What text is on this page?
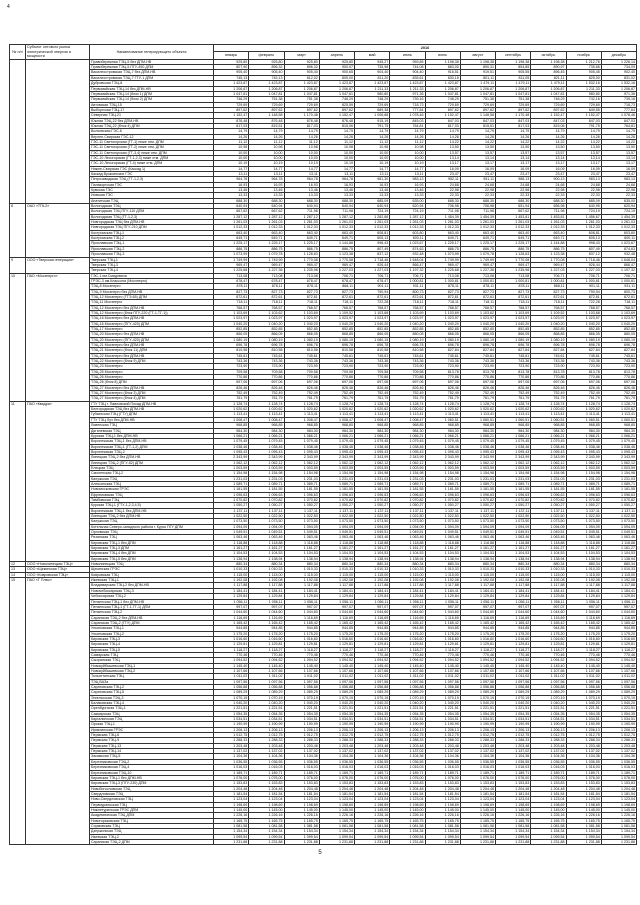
4
№ п/п	Субъект оптового рынка электрической энергии и мощности	Наименование генерирующего объекта	2016											
			январь	февраль	март	апрель	май	июнь	июль	август	сентябрь	октябрь	ноябрь	декабрь
		Правобережная ТЭЦ-5 без ДПМ-НВ	925,80	925,80	925,80	925,80	945,27	959,85	1 198,38	1 198,38	1 198,38	1 198,38	1 212,76	1 226,14
		Правобережная ТЭЦ-5 ПГУ-450 ДПМ	807,90	896,32	896,32	900,97	735,98	744,08	883,00	890,31	854,85	890,97	735,66	734,09
		Василеостровская ТЭЦ-7 без ДПМ-НВ	905,40	905,40	905,40	900,65	904,40	904,40	916,51	919,51	905,55	896,45	905,45	902,40
		Василеостровская ТЭЦ-7 ГТУ-1 ДПМ	745,13	745,13	812,02	805,00	811,20	835,61	830,15	801,11	811,05	821,11	825,00	831,02
		Дубровская ТЭЦ-8	1 423,87	1 423,87	1 423,87	1 423,87	1 423,87	1 423,87	1 423,87	1 479,11	1 479,11	1 479,11	1 532,16	1 532,16
		Первомайская ТЭЦ-14 без ДПМ-НВ	1 206,87	1 206,87	1 206,87	1 206,87	1 211,33	1 211,33	1 206,87	1 206,87	1 206,87	1 206,87	1 211,33	1 206,87
		Первомайская ТЭЦ-14 (блок 1) ДПМ	1 047,81	1 047,81	1 047,81	1 047,81	980,80	971,36	1 047,81	1 047,81	1 047,81	1 047,81	980,80	971,36
		Первомайская ТЭЦ-14 (блок 2) ДПМ	748,29	751,38	751,38	748,29	748,29	739,16	748,29	751,38	751,38	748,29	742,16	739,16
		Автовская ТЭЦ-15	729,69	729,69	729,69	825,59	729,69	718,73	729,69	729,69	729,69	729,69	729,69	718,73
		Выборгская ТЭЦ-17	897,62	897,62	897,62	897,62	689,38	777,64	897,62	897,62	897,62	897,62	849,55	777,64
		Северная ТЭЦ-21	1 152,47	1 148,58	1 170,48	1 152,47	1 006,88	1 078,46	1 152,47	1 148,58	1 170,48	1 152,47	1 152,47	1 078,46
		Южная ТЭЦ-22 без ДПМ-НВ	876,48	876,48	876,48	876,48	915,19	845,03	847,03	847,03	847,03	847,03	847,03	847,03
		Южная ТЭЦ-22 (блок 4) ДПМ	817,03	815,51	817,03	815,06	791,75	764,81	817,03	815,51	817,03	815,06	791,75	764,81
		Волховская ГЭС-6	14,79	14,79	14,79	14,79	14,79	14,79	14,79	14,79	14,79	14,79	14,79	14,79
		Верхне-Свирская ГЭС-12	14,26	14,26	14,26	14,26	14,26	14,26	14,26	14,26	14,26	14,26	14,26	14,26
		ГЭС-11 Светогорская (ГТ-1) ниже отм. ДПМ	11,12	11,12	11,12	11,12	11,12	11,12	14,22	14,22	14,22	14,22	14,22	14,22
		ГЭС-11 Светогорская (ГТ-2) ниже отм. ДПМ	10,98	10,98	10,98	10,98	10,98	10,98	13,50	13,50	13,50	13,50	13,50	13,50
		ГЭС-11 Светогорская (ГТ-3,4) ниже отм. ДПМ	10,00	10,00	10,00	10,00	10,00	10,00	13,57	13,57	13,57	13,57	13,57	13,57
		ГЭС-10 Лесогорская (ГТ-1,2,3) ниже отм. ДПМ	10,00	10,00	10,00	10,00	10,00	10,00	13,14	13,14	13,14	13,14	13,14	13,14
		ГЭС-10 Лесогорская (ГТ-4) ниже отм. ДПМ	10,19	10,19	10,19	10,19	10,19	10,19	13,17	13,17	13,17	13,17	13,17	13,17
		Нижне-Свирская ГЭС (Каскад 1)	14,77	14,77	14,77	14,77	14,77	14,77	16,09	16,09	16,09	16,09	16,09	16,09
		Каскад Вуоксинских ГЭС	13,11	13,11	13,11	13,11	13,11	13,11	23,47	23,47	23,47	23,47	23,47	23,47
		Петрозаводская ТЭЦ (ГТ-1,2,3)	964,78	964,78	964,78	964,78	981,30	983,13	952,11	951,11	988,13	900,13	983,13	983,13
		Палакоргская ГЭС	16,93	16,93	16,93	16,93	16,93	16,93	24,68	24,68	24,68	24,68	24,68	24,68
		Кумская ГЭС	13,46	13,46	13,46	13,46	13,46	13,46	22,98	22,98	22,98	22,98	22,98	22,98
		Иовская ГЭС	13,33	13,33	13,33	13,33	13,33	13,33	22,33	22,33	22,33	22,33	22,33	22,33
		Апатитская ТЭЦ	688,30	688,30	688,30	688,30	685,09	635,00	688,30	688,30	688,30	688,30	685,09	635,00
8	ОАО «ТГК-2»	Вологодская ТЭЦ	640,94	640,94	640,94	640,94	640,94	620,94	706,98	706,98	651,94	656,98	640,95	620,94
		Вологодская ТЭЦ ПГУ-110 ДПМ	667,62	667,62	711,98	711,98	724,19	724,19	711,98	711,98	667,62	711,98	724,19	724,19
		Вологодская ТЭЦ (ГТ-1,2,3)	1 287,12	1 287,12	1 287,12	1 287,12	1 282,86	1 287,12	1 454,39	1 454,39	1 453,81	1 453,81	1 456,67	1 454,39
		Новгородская ТЭЦ без ДПМ-НВ	1 261,03	1 261,03	1 261,03	1 261,03	1 261,03	1 261,03	1 261,03	1 261,03	1 261,03	1 261,03	1 261,03	1 261,03
		Новгородская ТЭЦ ПГУ-210 ДПМ	1 012,33	1 012,33	1 012,33	1 012,33	1 012,33	1 012,33	1 012,33	1 012,33	1 012,33	1 012,33	1 012,33	1 012,33
		Костромская ТЭЦ-1	663,40	663,40	663,40	663,40	608,81	603,80	663,40	663,40	663,40	663,40	608,81	603,80
		Костромская ТЭЦ-2	649,71	649,71	649,71	649,71	605,13	600,11	649,71	649,71	649,71	649,71	605,13	600,11
		Ярославская ТЭЦ-1	1 225,17	1 225,17	1 225,17	1 144,88	998,43	1 023,67	1 225,17	1 225,17	1 225,17	1 144,88	998,43	1 023,67
		Ярославская ТЭЦ-2	886,75	886,75	886,75	886,75	807,49	874,63	886,75	886,75	886,75	886,75	807,49	874,63
		Ярославская ТЭЦ-3	1 073,99	1 079,78	1 128,63	1 123,38	837,12	932,48	1 073,99	1 079,78	1 128,63	1 123,38	837,12	932,48
9	ООО «Тверская генерация»	Тверская ТЭЦ-1	1 749,99	1 749,99	1 770,08	1 770,08	1 718,46	1 648,04	1 749,99	1 749,99	1 770,08	1 770,08	1 718,46	1 648,04
		Тверская ТЭЦ-3	969,47	969,47	969,47	969,47	926,44	866,47	969,47	969,47	969,47	969,47	926,44	866,47
		Тверская ТЭЦ-4	1 225,68	1 227,36	1 235,98	1 227,03	1 227,03	1 197,32	1 225,68	1 227,36	1 235,98	1 227,03	1 227,03	1 197,32
10	ПАО «Мосэнерго»	ГЭС-1 им.Смидовича	713,08	713,08	713,08	706,71	706,71	706,71	713,08	713,08	713,08	706,71	706,71	706,71
		ГРЭС-3 им.Классона (Мосэнерго)	678,47	678,47	678,47	678,47	678,47	1 000,81	1 000,81	1 000,81	1 000,81	1 000,81	1 000,81	1 000,81
		ТЭЦ-8 Мосэнерго	878,11	878,11	878,11	868,11	901,11	931,11	878,11	878,11	878,11	868,11	901,11	931,11
		ТЭЦ-9 Мосэнерго без ДПМ-НВ	827,73	827,73	827,73	827,73	790,94	800,73	827,73	827,73	827,73	827,73	790,94	800,73
		ТЭЦ-12 Мосэнерго (ГТЭ-65) ДПМ	872,61	872,61	872,61	872,61	872,61	872,61	872,61	872,61	872,61	872,61	872,61	872,61
		ТЭЦ-11 Мосэнерго	718,11	718,11	718,11	718,11	722,28	718,11	718,11	718,11	718,11	718,11	722,28	718,11
		ТЭЦ-12 Мосэнерго без ДПМ-НВ	768,57	768,57	768,57	768,57	768,57	768,57	768,57	768,57	768,57	768,57	768,57	768,57
		ТЭЦ-12 Мосэнерго (блок ПГУ-220 (ГТ-1,ТГ-1))	1 103,69	1 103,62	1 103,69	1 109,52	1 103,68	1 103,69	1 103,69	1 103,62	1 103,69	1 109,52	1 103,68	1 103,69
		ТЭЦ-16 Мосэнерго без ДПМ-НВ	1 023,97	1 023,97	1 023,97	1 023,97	1 023,97	1 023,97	1 023,97	1 023,97	1 023,97	1 023,97	1 023,97	1 023,97
		ТЭЦ-16 Мосэнерго (ПГУ-420) ДПМ	1 040,20	1 040,20	1 040,20	1 040,20	1 040,20	1 040,20	1 040,20	1 040,20	1 040,20	1 040,20	1 040,20	1 040,20
		ТЭЦ-17 Мосэнерго	852,85	852,85	852,85	852,85	852,85	852,85	852,85	852,85	852,85	852,85	852,85	852,85
		ТЭЦ-20 Мосэнерго без ДПМ-НВ	866,05	866,05	866,05	868,85	866,05	880,05	866,05	866,05	866,05	868,85	866,05	880,05
		ТЭЦ-20 Мосэнерго (ПГУ-420) ДПМ	1 080,19	1 080,19	1 080,19	1 080,19	1 080,19	1 080,19	1 080,19	1 080,19	1 080,19	1 080,19	1 080,19	1 080,19
		ТЭЦ-21 Мосэнерго без ДПМ-НВ	696,78	696,78	696,78	696,78	696,78	696,78	696,78	696,78	696,78	696,78	696,78	696,78
		ТЭЦ-21 Мосэнерго (блок 11) ДПМ	810,58	810,58	810,58	810,58	810,58	810,58	827,84	827,84	827,84	827,84	827,84	827,84
		ТЭЦ-22 Мосэнерго без ДПМ-НВ	745,61	745,61	745,61	745,61	745,61	745,61	745,61	745,61	745,61	745,61	745,61	745,61
		ТЭЦ-22 Мосэнерго (блок 9) ДПМ	743,36	743,36	743,36	743,36	743,36	743,36	743,36	743,36	743,36	743,36	743,36	743,36
		ТЭЦ-23 Мосэнерго	723,90	723,90	723,90	723,90	723,90	723,90	723,90	723,90	723,90	723,90	723,90	723,90
		ТЭЦ-25 Мосэнерго	709,58	709,58	709,58	709,58	709,58	709,58	813,78	813,78	813,78	813,78	813,78	813,78
		ТЭЦ-26 Мосэнерго	770,86	770,86	770,86	770,86	770,86	770,86	770,86	770,86	770,86	770,86	770,86	770,86
		ТЭЦ-26 (блок 8) ДПМ	697,06	697,06	697,06	697,06	697,06	697,06	697,06	697,06	697,06	697,06	697,06	697,06
		ТЭЦ-27 Мосэнерго без ДПМ-НВ	826,46	826,46	826,46	826,46	826,46	826,46	826,46	826,46	826,46	826,46	826,46	826,46
		ТЭЦ-27 Мосэнерго (блок 3) ДПМ	752,49	752,49	752,49	752,49	752,49	752,49	752,49	752,49	752,49	752,49	752,49	752,49
		ТЭЦ-27 Мосэнерго (блок 4) ДПМ	761,79	761,79	761,79	761,79	761,79	761,79	761,79	761,79	761,79	761,79	761,79	761,79
11	ПАО «Квадра»	ГТУ ТЭЦ г. Павловский Посад ДПМ-НВ	1 128,74	1 128,74	1 128,74	1 128,74	1 128,74	1 128,74	1 128,74	1 128,74	1 128,74	1 128,74	1 128,74	1 128,74
		Белгородская ТЭЦ без ДПМ-НВ	1 020,62	1 020,62	1 020,62	1 020,62	1 020,62	1 020,62	1 020,62	1 020,62	1 020,62	1 020,62	1 020,62	1 020,62
		Губкинская ТЭЦ (ГТУ) ДПМ	1 113,41	1 113,41	1 113,41	1 113,41	1 113,41	1 113,41	1 113,41	1 113,41	1 113,41	1 113,41	1 113,41	1 113,41
		ГТУ ТЭЦ Луч без ДПМ-НВ	1 008,47	1 008,47	1 008,47	1 008,47	1 008,47	1 008,47	1 060,51	1 060,51	1 060,51	1 060,51	1 060,51	1 060,51
		Ливенская ТЭЦ	968,85	968,85	968,85	968,85	968,85	968,85	968,85	968,85	968,85	968,85	968,85	968,85
		Дягилевская ТЭЦ	984,30	984,30	984,30	984,30	984,30	984,30	984,30	984,30	984,30	984,30	984,30	984,30
		Курская ТЭЦ-1 без ДПМ-НВ	1 066,21	1 066,21	1 066,21	1 066,21	1 066,21	1 066,21	1 066,21	1 066,21	1 066,21	1 066,21	1 066,21	1 066,21
		Воронежская ТЭЦ-1 без ДПМ-НВ	1 079,45	1 079,45	1 079,45	1 079,45	1 079,45	1 079,45	1 079,45	1 079,45	1 079,45	1 079,45	1 079,45	1 079,45
		Воронежская ТЭЦ-1 (ГТ-1,2) ДПМ	1 038,46	1 038,46	1 038,46	1 038,46	1 038,46	1 038,46	1 038,46	1 038,46	1 038,46	1 038,46	1 038,46	1 038,46
		Воронежская ТЭЦ-2	1 095,43	1 095,43	1 095,43	1 095,43	1 095,43	1 095,43	1 095,43	1 095,43	1 095,43	1 095,43	1 095,43	1 095,43
		Липецкая ТЭЦ-2 без ДПМ-НВ	2 343,99	2 343,99	2 343,99	2 343,99	2 343,99	2 343,99	2 343,99	2 343,99	2 343,99	2 343,99	2 343,99	2 343,99
		Липецкая ТЭЦ-2 (ПГУ-52) ДПМ	1 062,12	1 062,12	1 062,12	1 062,12	1 062,12	1 062,12	1 062,12	1 062,12	1 062,12	1 062,12	1 062,12	1 062,12
		Елецкая ТЭЦ	1 003,59	1 003,59	1 003,59	1 003,59	1 003,59	1 003,59	1 003,59	1 003,59	1 003,59	1 003,59	1 003,59	1 003,59
		Смоленская ТЭЦ-2	1 154,98	1 154,98	1 154,98	1 154,98	1 154,98	1 154,98	1 154,98	1 154,98	1 154,98	1 154,98	1 154,98	1 154,98
		Калужская ТЭЦ	1 231,03	1 231,03	1 231,03	1 231,03	1 231,03	1 231,03	1 231,03	1 231,03	1 231,03	1 231,03	1 231,03	1 231,03
		Алексинская ТЭЦ	1 089,71	1 089,71	1 089,71	1 089,71	1 089,71	1 089,71	1 089,71	1 089,71	1 089,71	1 089,71	1 089,71	1 089,71
		Новомосковская ГРЭС	1 181,55	1 181,55	1 181,55	1 181,55	1 181,55	1 181,55	1 181,55	1 181,55	1 181,55	1 181,55	1 181,55	1 181,55
		Ефремовская ТЭЦ	1 096,63	1 096,63	1 096,63	1 096,63	1 096,63	1 096,63	1 096,63	1 096,63	1 096,63	1 096,63	1 096,63	1 096,63
		Тамбовская ТЭЦ	1 070,82	1 070,82	1 070,82	1 070,82	1 070,82	1 070,82	1 070,82	1 070,82	1 070,82	1 070,82	1 070,82	1 070,82
		Курская ТЭЦ-1 (ГТУ-1,2,3,4,5)	1 050,27	1 050,27	1 050,27	1 050,27	1 050,27	1 050,27	1 050,27	1 050,27	1 050,27	1 050,27	1 050,27	1 050,27
		Воронежская ТЭЦ-1 без ДПМ-НВ	1 137,11	1 137,11	1 137,11	1 137,11	1 137,11	1 137,11	1 137,11	1 137,11	1 137,11	1 137,11	1 137,11	1 137,11
		Липецкая ТЭЦ-2 без ДПМ-НВ	1 022,50	1 022,50	1 022,50	1 022,50	1 022,50	1 022,50	1 022,50	1 022,50	1 022,50	1 022,50	1 022,50	1 022,50
		Калужская ТЭЦ	1 073,50	1 073,50	1 073,50	1 073,50	1 073,50	1 073,50	1 073,50	1 073,50	1 073,50	1 073,50	1 073,50	1 073,50
		Котельная Северо-западного района г. Курск ПГУ ДПМ	1 094,09	1 094,09	1 094,09	1 094,09	1 094,09	1 094,09	1 094,09	1 094,09	1 094,09	1 094,09	1 094,09	1 094,09
		Орловская ТЭЦ	1 049,51	1 049,51	1 049,51	1 049,51	1 049,51	1 049,51	1 049,51	1 049,51	1 049,51	1 049,51	1 049,51	1 049,51
		Рязанская ТЭЦ	1 063,46	1 063,46	1 063,46	1 063,46	1 063,46	1 063,46	1 063,46	1 063,46	1 063,46	1 063,46	1 063,46	1 063,46
		Кировская ТЭЦ-1 без ДПМ	1 118,88	1 118,88	1 118,88	1 118,88	1 118,88	1 118,88	1 118,88	1 118,88	1 118,88	1 118,88	1 118,88	1 118,88
		Кировская ТЭЦ-3 ДПМ	1 161,27	1 161,27	1 161,27	1 161,27	1 161,27	1 161,27	1 161,27	1 161,27	1 161,27	1 161,27	1 161,27	1 161,27
		Кировская ТЭЦ-4 без ДПМ	1 104,53	1 104,53	1 104,53	1 104,53	1 104,53	1 104,53	1 104,53	1 104,53	1 104,53	1 104,53	1 104,53	1 104,53
		Кировская ТЭЦ-5 без ДПМ	1 138,94	1 138,94	1 138,94	1 138,94	1 138,94	1 138,94	1 138,94	1 138,94	1 138,94	1 138,94	1 138,94	1 138,94
12	ООО «Новолипецкая ТЭЦ»	Новолипецкая ТЭЦ	880,34	880,34	880,34	880,34	880,34	880,34	880,34	880,34	880,34	880,34	880,34	880,34
13	ООО «Щекинская ТЭЦ»	Щекинская ГРЭС	1 010,33	1 010,33	1 010,33	1 010,33	1 010,33	1 010,33	1 010,33	1 010,33	1 010,33	1 010,33	1 010,33	1 010,33
14	ООО «Ковровская ТЭЦ»	Ковровская ТЭЦ	1 115,00	1 115,00	1 115,00	1 115,00	1 115,00	1 115,00	1 115,00	1 115,00	1 115,00	1 115,00	1 115,00	1 115,00
15	ПАО «Т Плюс»	Ижевская ТЭЦ-1	1 192,08	1 192,08	1 192,08	1 192,08	1 192,08	1 192,08	1 192,08	1 192,08	1 192,08	1 192,08	1 192,08	1 192,08
		Владимирская ТЭЦ-2 без ДПМ-НВ	1 117,88	1 117,88	1 117,88	1 117,88	1 117,88	1 117,88	1 117,88	1 117,88	1 117,88	1 117,88	1 117,88	1 117,88
		Новочебоксарская ТЭЦ-3	1 184,41	1 184,41	1 184,41	1 184,41	1 184,41	1 184,41	1 184,41	1 184,41	1 184,41	1 184,41	1 184,41	1 184,41
		Чебоксарская ТЭЦ-2	1 129,84	1 129,84	1 129,84	1 129,84	1 129,84	1 129,84	1 129,84	1 129,84	1 129,84	1 129,84	1 129,84	1 129,84
		Пензенская ТЭЦ-1 без ДПМ-НВ	1 056,11	1 056,11	1 056,11	1 056,11	1 056,11	1 056,11	1 056,11	1 056,11	1 056,11	1 056,11	1 056,11	1 056,11
		Пензенская ТЭЦ-1 (ГТ-1,ТГ-1) ДПМ	997,07	997,07	997,07	997,07	997,07	997,07	997,07	997,07	997,07	997,07	997,07	997,07
		Пензенская ТЭЦ-2	1 044,60	1 044,60	1 044,60	1 044,60	1 044,60	1 044,60	1 044,60	1 044,60	1 044,60	1 044,60	1 044,60	1 044,60
		Саранская ТЭЦ-2 без ДПМ-НВ	1 116,69	1 116,69	1 116,69	1 116,69	1 116,69	1 116,69	1 116,69	1 116,69	1 116,69	1 116,69	1 116,69	1 116,69
		Саранская ТЭЦ-2 (ГТУ) ДПМ	1 165,42	1 165,42	1 165,42	1 165,42	1 165,42	1 165,42	1 165,42	1 165,42	1 165,42	1 165,42	1 165,42	1 165,42
		Ульяновская ТЭЦ-1	944,85	944,85	944,85	944,85	944,85	944,85	944,85	944,85	944,85	944,85	944,85	944,85
		Ульяновская ТЭЦ-2	1 175,20	1 175,20	1 175,20	1 175,20	1 175,20	1 175,20	1 175,20	1 175,20	1 175,20	1 175,20	1 175,20	1 175,20
		Кировская ТЭЦ-3	1 016,60	1 016,60	1 016,60	1 016,60	1 016,60	1 016,60	1 016,60	1 016,60	1 016,60	1 016,60	1 016,60	1 016,60
		Кировская ТЭЦ-4	1 129,81	1 129,81	1 129,81	1 129,81	1 129,81	1 129,81	1 129,81	1 129,81	1 129,81	1 129,81	1 129,81	1 129,81
		Кировская ТЭЦ-5	1 118,27	1 118,27	1 118,27	1 118,27	1 118,27	1 118,27	1 118,27	1 118,27	1 118,27	1 118,27	1 118,27	1 118,27
		Самарская ТЭЦ	770,46	770,46	770,46	770,46	770,46	770,46	770,46	770,46	770,46	770,46	770,46	770,46
		Сызранская ТЭЦ	1 094,52	1 094,52	1 094,52	1 094,52	1 094,52	1 094,52	1 094,52	1 094,52	1 094,52	1 094,52	1 094,52	1 094,52
		Новокуйбышевская ТЭЦ-1	1 145,40	1 145,40	1 145,40	1 145,40	1 145,40	1 145,40	1 145,40	1 145,40	1 145,40	1 145,40	1 145,40	1 145,40
		Новокуйбышевская ТЭЦ-2	1 107,66	1 107,66	1 107,66	1 107,66	1 107,66	1 107,66	1 107,66	1 107,66	1 107,66	1 107,66	1 107,66	1 107,66
		Тольяттинская ТЭЦ	1 011,02	1 011,02	1 011,02	1 011,02	1 011,02	1 011,02	1 011,02	1 011,02	1 011,02	1 011,02	1 011,02	1 011,02
		ТЭЦ ВАЗа	1 097,56	1 097,56	1 097,56	1 097,56	1 097,56	1 097,56	1 097,56	1 097,56	1 097,56	1 097,56	1 097,56	1 097,56
		Саратовская ТЭЦ-2	1 056,88	1 056,88	1 056,88	1 056,88	1 056,88	1 056,88	1 056,88	1 056,88	1 056,88	1 056,88	1 056,88	1 056,88
		Саратовская ТЭЦ-5	1 089,29	1 089,29	1 089,29	1 089,29	1 089,29	1 089,29	1 089,29	1 089,29	1 089,29	1 089,29	1 089,29	1 089,29
		Энгельсская ТЭЦ-3	1 070,19	1 070,19	1 070,19	1 070,19	1 070,19	1 070,19	1 070,19	1 070,19	1 070,19	1 070,19	1 070,19	1 070,19
		Балаковская ТЭЦ-4	1 040,20	1 040,20	1 040,20	1 040,20	1 040,20	1 040,20	1 040,20	1 040,20	1 040,20	1 040,20	1 040,20	1 040,20
		Оренбургская ТЭЦ-1	1 221,51	1 221,51	1 221,51	1 221,51	1 221,51	1 221,51	1 221,51	1 221,51	1 221,51	1 221,51	1 221,51	1 221,51
		Сакмарская ТЭЦ	1 054,35	1 054,35	1 054,35	1 054,35	1 054,35	1 054,35	1 054,35	1 054,35	1 054,35	1 054,35	1 054,35	1 054,35
		Каргалинская ТЭЦ	1 034,51	1 034,51	1 034,51	1 034,51	1 034,51	1 034,51	1 034,51	1 034,51	1 034,51	1 034,51	1 034,51	1 034,51
		Орская ТЭЦ-1	1 190,99	1 190,99	1 190,99	1 190,99	1 190,99	1 190,99	1 190,99	1 190,99	1 190,99	1 190,99	1 190,99	1 190,99
		Ириклинская ГРЭС	1 206,13	1 206,13	1 206,13	1 206,13	1 206,13	1 206,13	1 206,13	1 206,13	1 206,13	1 206,13	1 206,13	1 206,13
		Пермская ТЭЦ-6	1 012,75	1 012,75	1 012,75	1 012,75	1 012,75	1 012,75	1 012,75	1 012,75	1 012,75	1 012,75	1 012,75	1 012,75
		Пермская ТЭЦ-9	1 288,33	1 288,33	1 288,33	1 288,33	1 288,33	1 288,33	1 288,33	1 288,33	1 288,33	1 288,33	1 288,33	1 288,33
		Пермская ТЭЦ-13	1 203,48	1 203,48	1 203,48	1 203,48	1 203,48	1 203,48	1 203,48	1 203,48	1 203,48	1 203,48	1 203,48	1 203,48
		Пермская ТЭЦ-14	1 137,02	1 137,02	1 137,02	1 137,02	1 137,02	1 137,02	1 137,02	1 137,02	1 137,02	1 137,02	1 137,02	1 137,02
		Закамская ТЭЦ-5	1 104,36	1 104,36	1 104,36	1 104,36	1 104,36	1 104,36	1 104,36	1 104,36	1 104,36	1 104,36	1 104,36	1 104,36
		Березниковская ТЭЦ-2	1 036,55	1 036,55	1 036,55	1 036,55	1 036,55	1 036,55	1 036,55	1 036,55	1 036,55	1 036,55	1 036,55	1 036,55
		Березниковская ТЭЦ-4	1 016,03	1 016,03	1 016,03	1 016,03	1 016,03	1 016,03	1 016,03	1 016,03	1 016,03	1 016,03	1 016,03	1 016,03
		Березниковская ТЭЦ-10	1 189,71	1 189,71	1 189,71	1 189,71	1 189,71	1 189,71	1 189,71	1 189,71	1 189,71	1 189,71	1 189,71	1 189,71
		Кировская ТЭЦ-1 без ДПМ-НВ	1 076,00	1 076,00	1 076,00	1 076,00	1 076,00	1 076,00	1 076,00	1 076,00	1 076,00	1 076,00	1 076,00	1 076,00
		Кировская ТЭЦ-3 (ПГУ-230) ДПМ	1 153,83	1 153,83	1 153,83	1 153,83	1 153,83	1 153,83	1 153,83	1 153,83	1 153,83	1 153,83	1 153,83	1 153,83
		Новобогословская ТЭЦ	1 204,48	1 204,48	1 204,48	1 204,48	1 204,48	1 204,48	1 204,48	1 204,48	1 204,48	1 204,48	1 204,48	1 204,48
		Свердловская ТЭЦ	1 181,54	1 181,54	1 181,54	1 181,54	1 181,54	1 181,54	1 181,54	1 181,54	1 181,54	1 181,54	1 181,54	1 181,54
		Ново-Свердловская ТЭЦ	1 123,04	1 123,04	1 123,04	1 123,04	1 123,04	1 123,04	1 123,04	1 123,04	1 123,04	1 123,04	1 123,04	1 123,04
		Первоуральская ТЭЦ	1 198,69	1 198,69	1 198,69	1 198,69	1 198,69	1 198,69	1 198,69	1 198,69	1 198,69	1 198,69	1 198,69	1 198,69
		Нижнетуринская ГРЭС ДПМ	1 145,00	1 145,00	1 145,00	1 145,00	1 145,00	1 145,00	1 145,00	1 145,00	1 145,00	1 145,00	1 145,00	1 145,00
		Академическая ТЭЦ ДПМ	1 226,16	1 226,16	1 226,16	1 226,16	1 226,16	1 226,16	1 226,16	1 226,16	1 226,16	1 226,16	1 226,16	1 226,16
		Новогорьковская ТЭЦ	1 165,75	1 165,75	1 165,75	1 165,75	1 165,75	1 165,75	1 165,75	1 165,75	1 165,75	1 165,75	1 165,75	1 165,75
		Сормовская ТЭЦ	1 081,58	1 081,58	1 081,58	1 081,58	1 081,58	1 081,58	1 081,58	1 081,58	1 081,58	1 081,58	1 081,58	1 081,58
		Дзержинская ТЭЦ	1 154,34	1 154,34	1 154,34	1 154,34	1 154,34	1 154,34	1 154,34	1 154,34	1 154,34	1 154,34	1 154,34	1 154,34
		Ижевская ТЭЦ-2	1 099,54	1 099,54	1 099,54	1 099,54	1 099,54	1 099,54	1 099,54	1 099,54	1 099,54	1 099,54	1 099,54	1 099,54
		Саранская ТЭЦ-2 ДПМ	1 231,88	1 231,88	1 231,88	1 231,88	1 231,88	1 231,88	1 231,88	1 231,88	1 231,88	1 231,88	1 231,88	1 231,88
5
